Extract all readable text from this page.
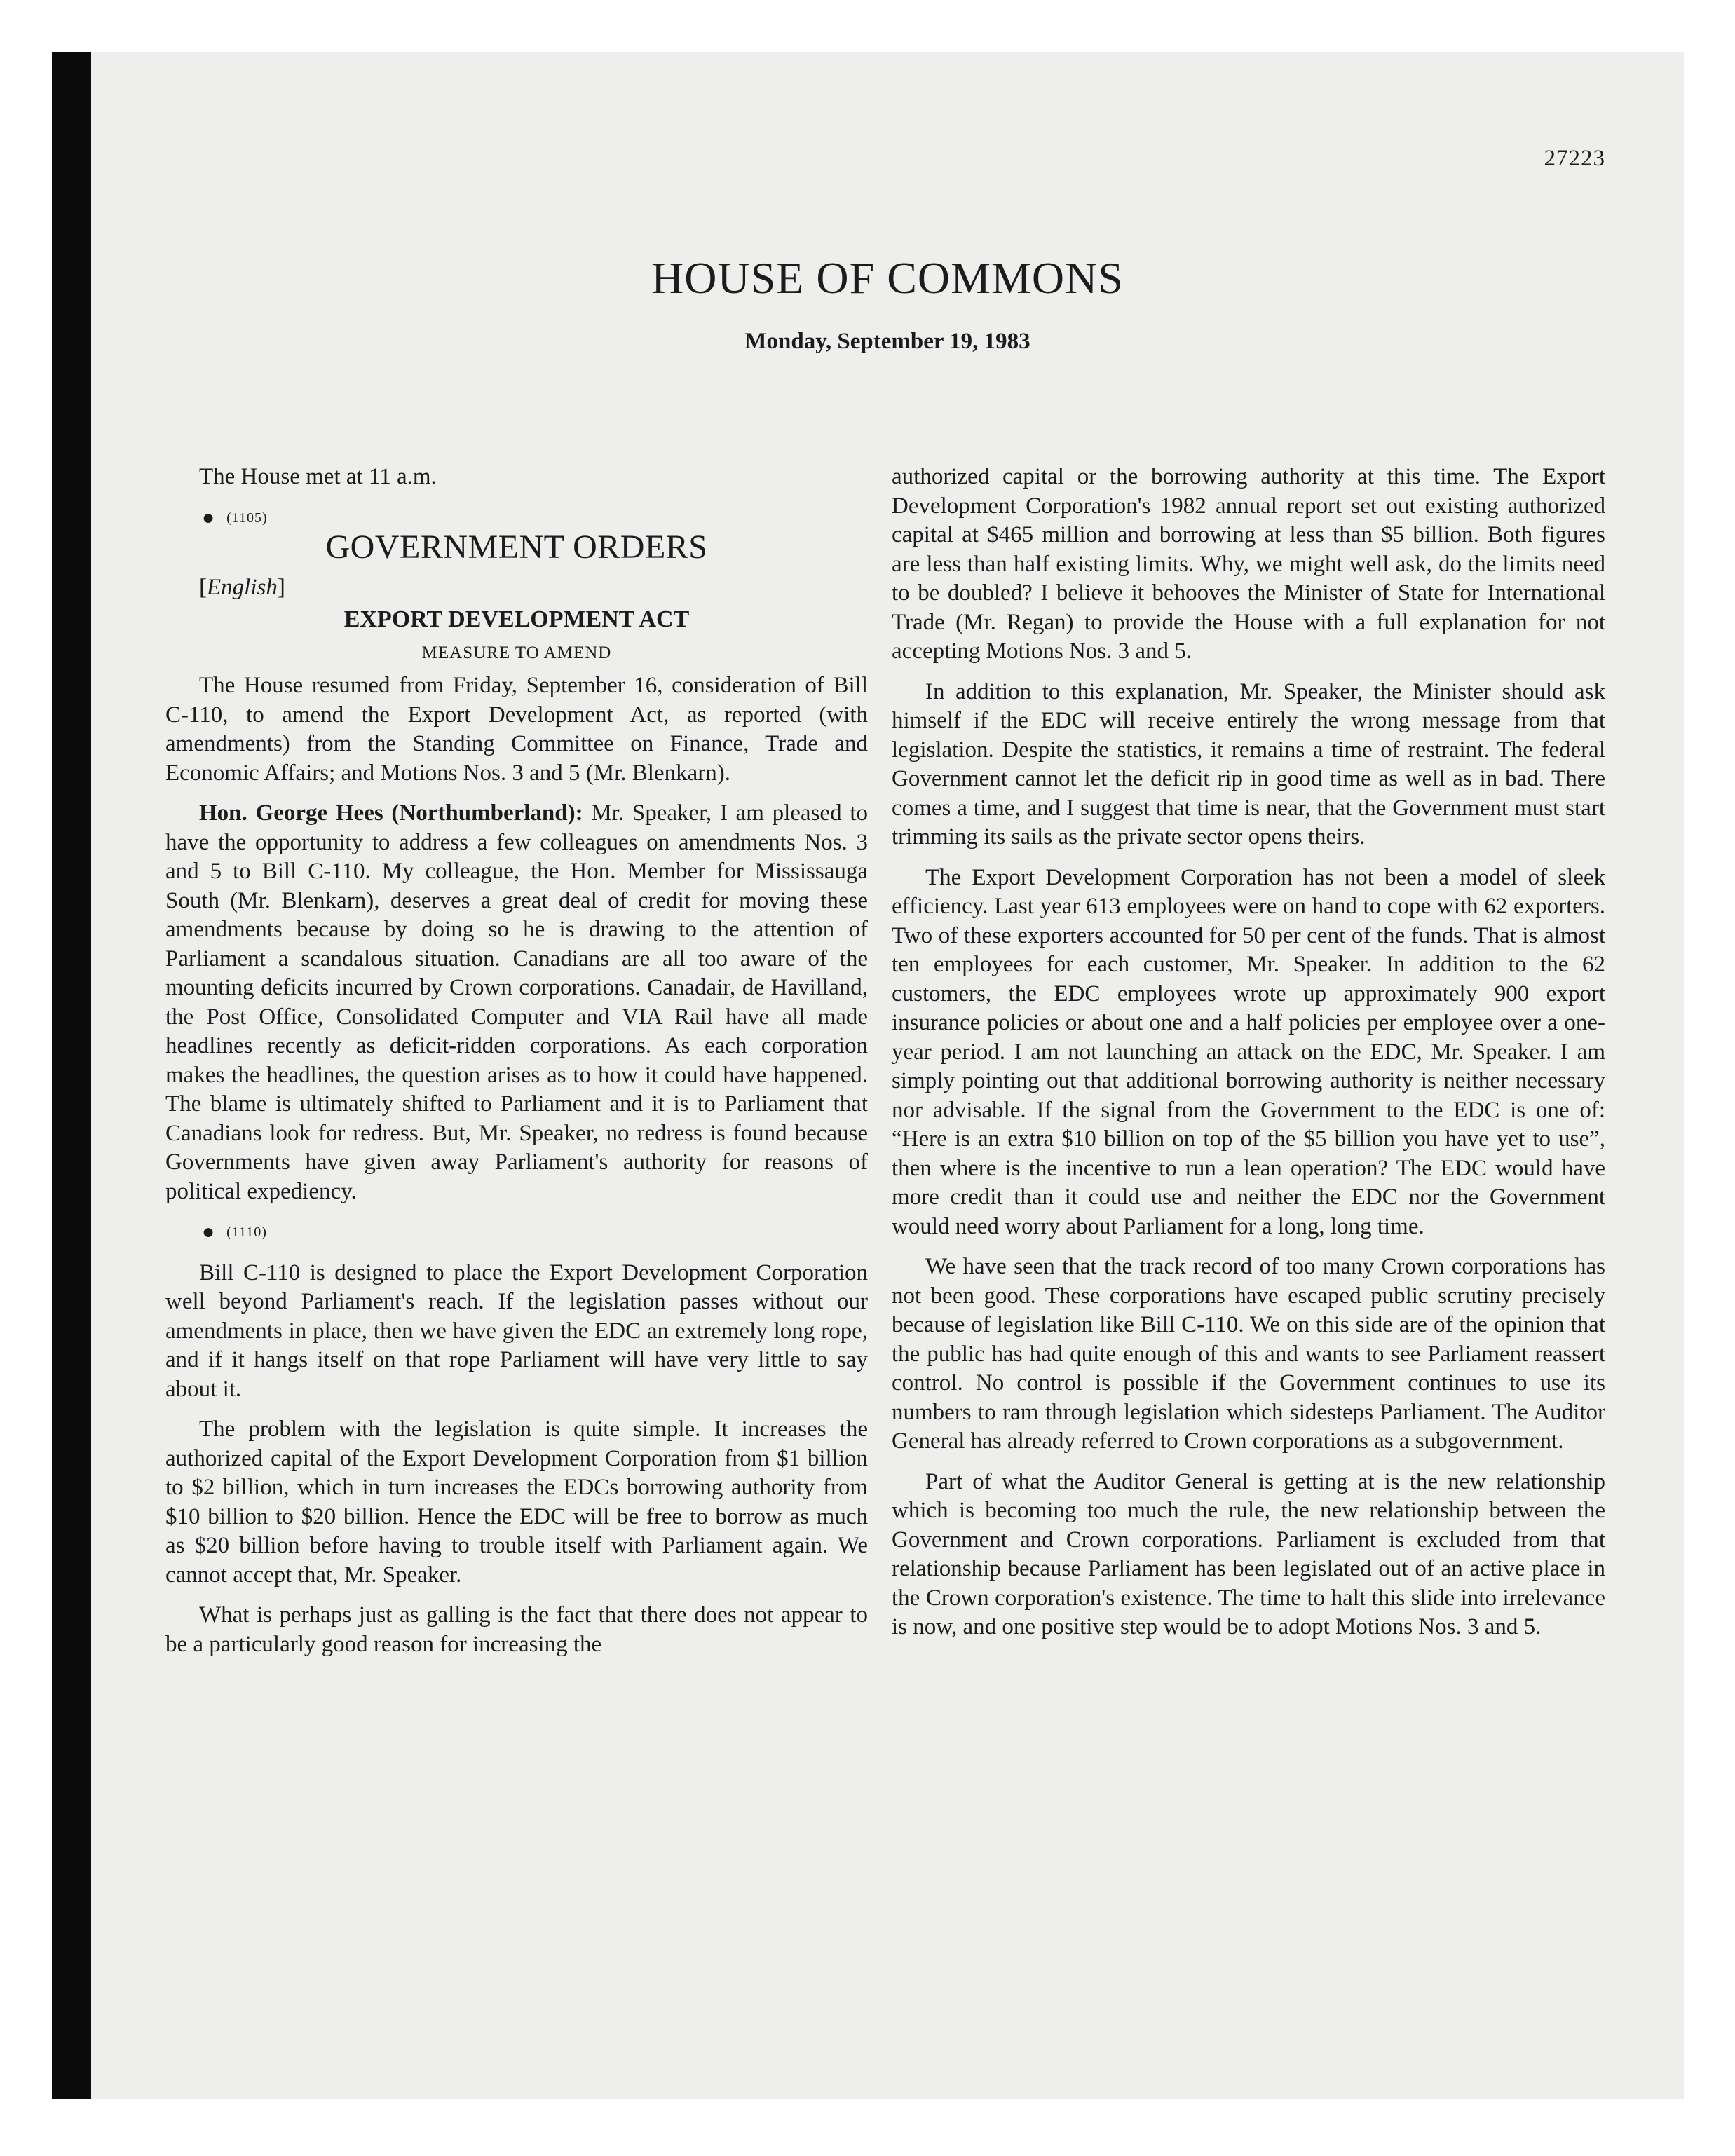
27223
HOUSE OF COMMONS
Monday, September 19, 1983

The House met at 11 a.m.

● (1105)

GOVERNMENT ORDERS

[English]

EXPORT DEVELOPMENT ACT
MEASURE TO AMEND

The House resumed from Friday, September 16, consideration of Bill C-110, to amend the Export Development Act, as reported (with amendments) from the Standing Committee on Finance, Trade and Economic Affairs; and Motions Nos. 3 and 5 (Mr. Blenkarn).

Hon. George Hees (Northumberland): Mr. Speaker, I am pleased to have the opportunity to address a few colleagues on amendments Nos. 3 and 5 to Bill C-110. My colleague, the Hon. Member for Mississauga South (Mr. Blenkarn), deserves a great deal of credit for moving these amendments because by doing so he is drawing to the attention of Parliament a scandalous situation. Canadians are all too aware of the mounting deficits incurred by Crown corporations. Canadair, de Havilland, the Post Office, Consolidated Computer and VIA Rail have all made headlines recently as deficit-ridden corporations. As each corporation makes the headlines, the question arises as to how it could have happened. The blame is ultimately shifted to Parliament and it is to Parliament that Canadians look for redress. But, Mr. Speaker, no redress is found because Governments have given away Parliament's authority for reasons of political expediency.

● (1110)

Bill C-110 is designed to place the Export Development Corporation well beyond Parliament's reach. If the legislation passes without our amendments in place, then we have given the EDC an extremely long rope, and if it hangs itself on that rope Parliament will have very little to say about it.

The problem with the legislation is quite simple. It increases the authorized capital of the Export Development Corporation from $1 billion to $2 billion, which in turn increases the EDCs borrowing authority from $10 billion to $20 billion. Hence the EDC will be free to borrow as much as $20 billion before having to trouble itself with Parliament again. We cannot accept that, Mr. Speaker.

What is perhaps just as galling is the fact that there does not appear to be a particularly good reason for increasing the

authorized capital or the borrowing authority at this time. The Export Development Corporation's 1982 annual report set out existing authorized capital at $465 million and borrowing at less than $5 billion. Both figures are less than half existing limits. Why, we might well ask, do the limits need to be doubled? I believe it behooves the Minister of State for International Trade (Mr. Regan) to provide the House with a full explanation for not accepting Motions Nos. 3 and 5.

In addition to this explanation, Mr. Speaker, the Minister should ask himself if the EDC will receive entirely the wrong message from that legislation. Despite the statistics, it remains a time of restraint. The federal Government cannot let the deficit rip in good time as well as in bad. There comes a time, and I suggest that time is near, that the Government must start trimming its sails as the private sector opens theirs.

The Export Development Corporation has not been a model of sleek efficiency. Last year 613 employees were on hand to cope with 62 exporters. Two of these exporters accounted for 50 per cent of the funds. That is almost ten employees for each customer, Mr. Speaker. In addition to the 62 customers, the EDC employees wrote up approximately 900 export insurance policies or about one and a half policies per employee over a one-year period. I am not launching an attack on the EDC, Mr. Speaker. I am simply pointing out that additional borrowing authority is neither necessary nor advisable. If the signal from the Government to the EDC is one of: “Here is an extra $10 billion on top of the $5 billion you have yet to use”, then where is the incentive to run a lean operation? The EDC would have more credit than it could use and neither the EDC nor the Government would need worry about Parliament for a long, long time.

We have seen that the track record of too many Crown corporations has not been good. These corporations have escaped public scrutiny precisely because of legislation like Bill C-110. We on this side are of the opinion that the public has had quite enough of this and wants to see Parliament reassert control. No control is possible if the Government continues to use its numbers to ram through legislation which sidesteps Parliament. The Auditor General has already referred to Crown corporations as a subgovernment.

Part of what the Auditor General is getting at is the new relationship which is becoming too much the rule, the new relationship between the Government and Crown corporations. Parliament is excluded from that relationship because Parliament has been legislated out of an active place in the Crown corporation's existence. The time to halt this slide into irrelevance is now, and one positive step would be to adopt Motions Nos. 3 and 5.
